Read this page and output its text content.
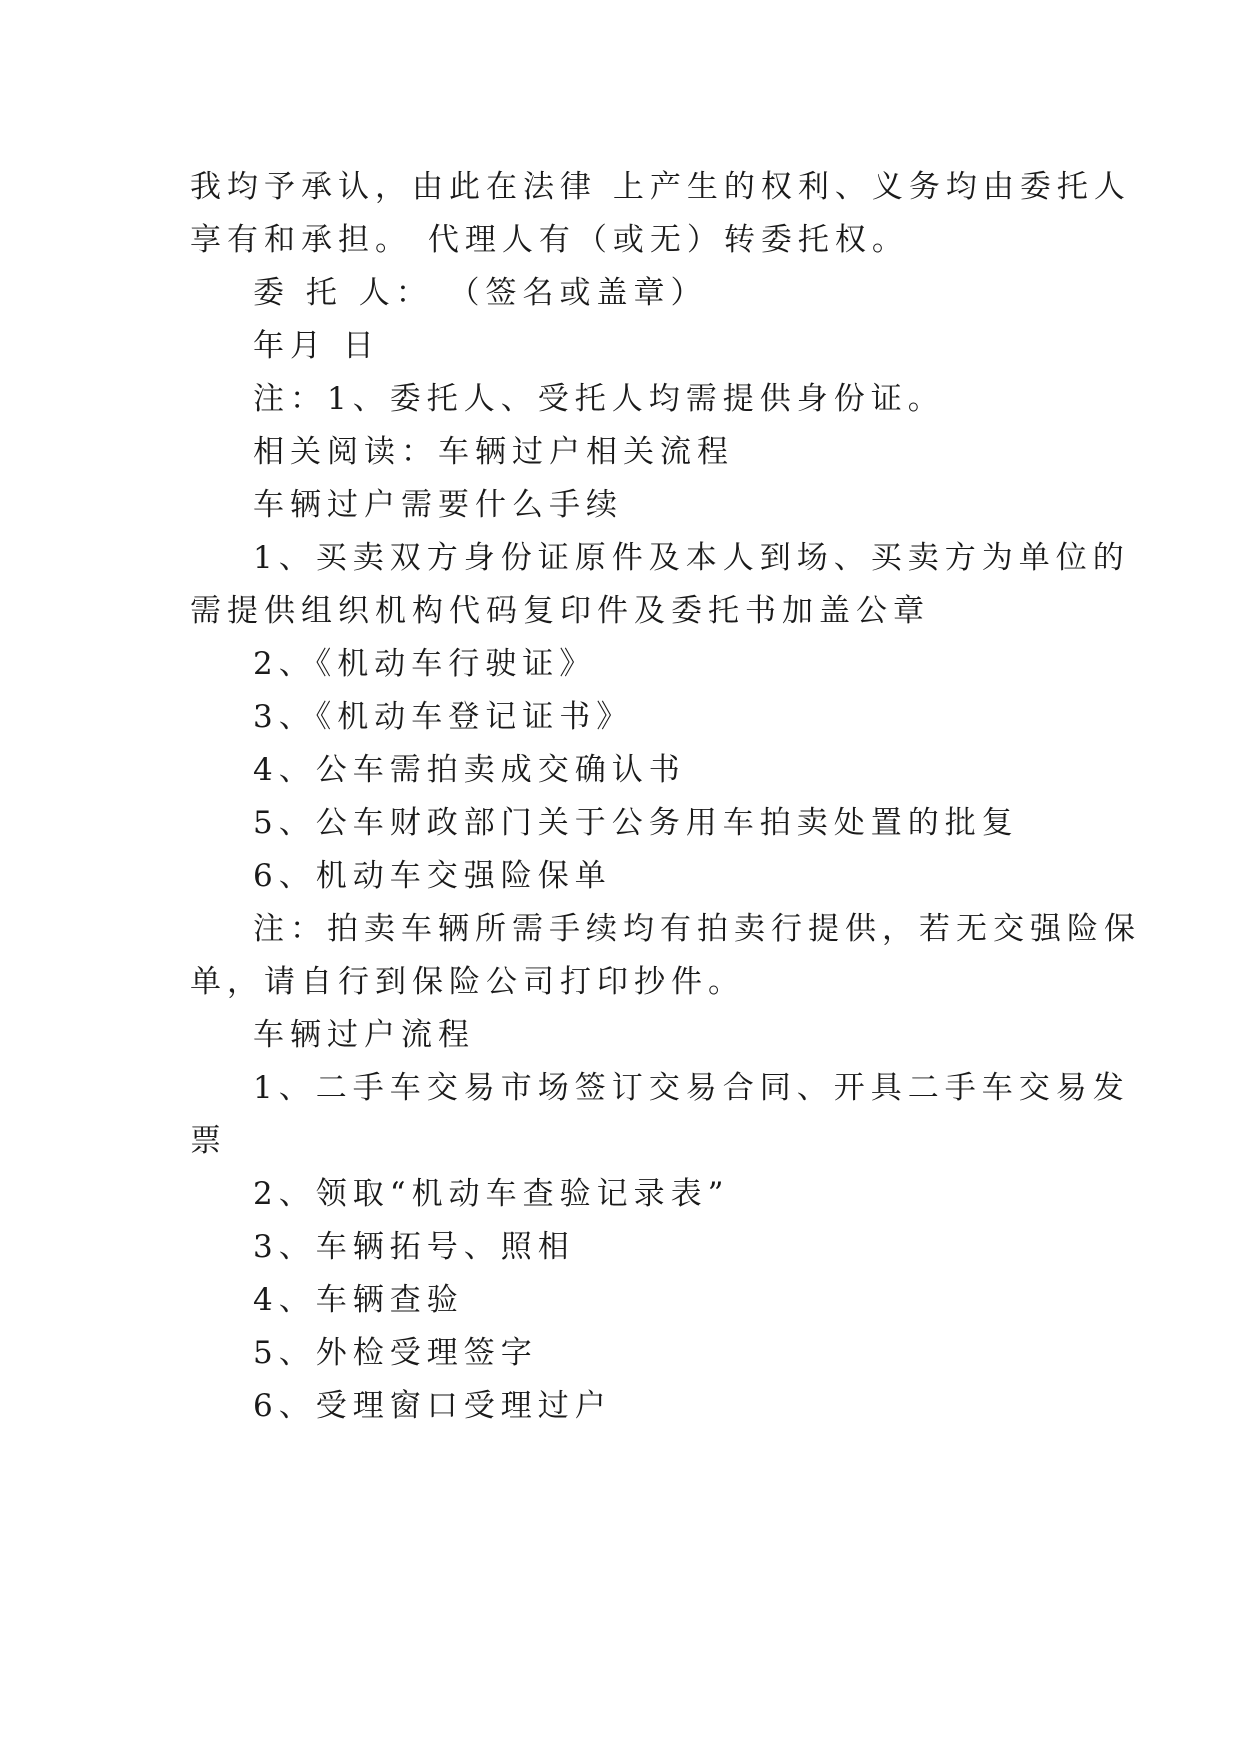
我均予承认，由此在法律 上产生的权利、义务均由委托人
享有和承担。 代理人有（或无）转委托权。
委 托 人： （签名或盖章）
年月 日
注：1、委托人、受托人均需提供身份证。
相关阅读：车辆过户相关流程
车辆过户需要什么手续
1、买卖双方身份证原件及本人到场、买卖方为单位的
需提供组织机构代码复印件及委托书加盖公章
2、《机动车行驶证》
3、《机动车登记证书》
4、公车需拍卖成交确认书
5、公车财政部门关于公务用车拍卖处置的批复
6、机动车交强险保单
注：拍卖车辆所需手续均有拍卖行提供，若无交强险保
单，请自行到保险公司打印抄件。
车辆过户流程
1、二手车交易市场签订交易合同、开具二手车交易发
票
2、领取“机动车查验记录表”
3、车辆拓号、照相
4、车辆查验
5、外检受理签字
6、受理窗口受理过户
